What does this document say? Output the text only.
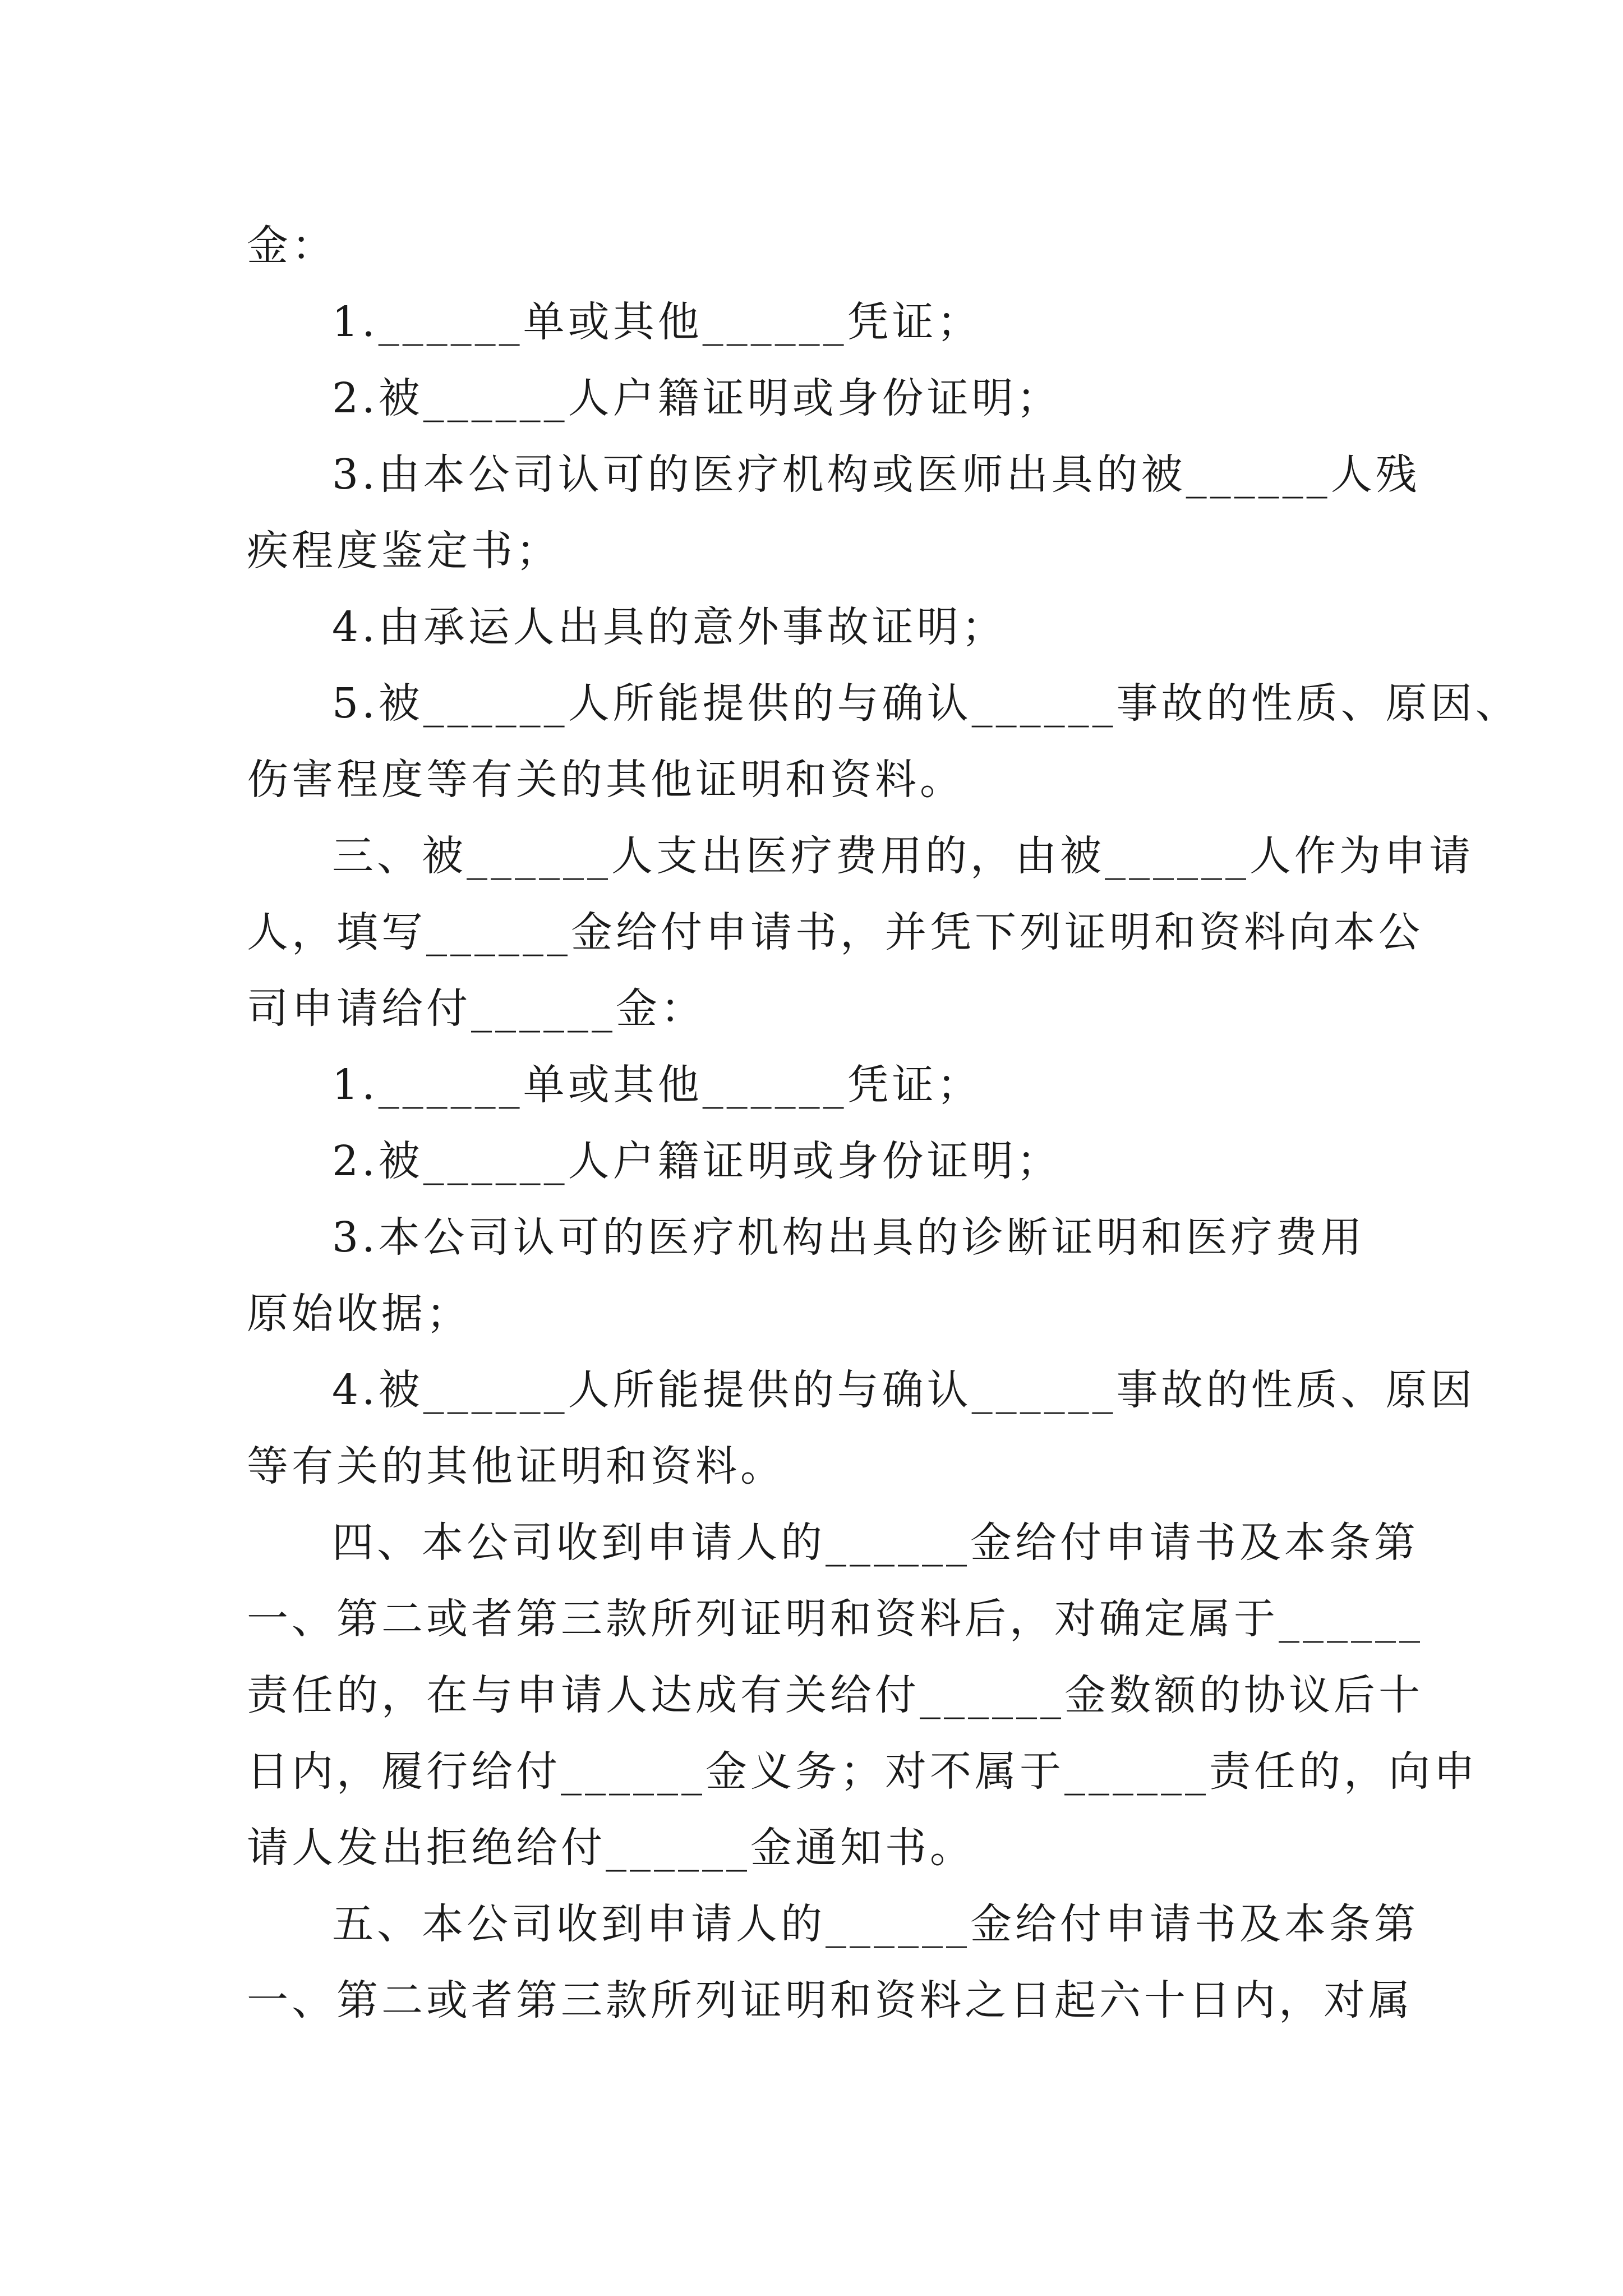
金：
1.______单或其他______凭证；
2.被______人户籍证明或身份证明；
3.由本公司认可的医疗机构或医师出具的被______人残
疾程度鉴定书；
4.由承运人出具的意外事故证明；
5.被______人所能提供的与确认______事故的性质、原因、
伤害程度等有关的其他证明和资料。
三、被______人支出医疗费用的，由被______人作为申请
人，填写______金给付申请书，并凭下列证明和资料向本公
司申请给付______金：
1.______单或其他______凭证；
2.被______人户籍证明或身份证明；
3.本公司认可的医疗机构出具的诊断证明和医疗费用
原始收据；
4.被______人所能提供的与确认______事故的性质、原因
等有关的其他证明和资料。
四、本公司收到申请人的______金给付申请书及本条第
一、第二或者第三款所列证明和资料后，对确定属于______
责任的，在与申请人达成有关给付______金数额的协议后十
日内，履行给付______金义务；对不属于______责任的，向申
请人发出拒绝给付______金通知书。
五、本公司收到申请人的______金给付申请书及本条第
一、第二或者第三款所列证明和资料之日起六十日内，对属
